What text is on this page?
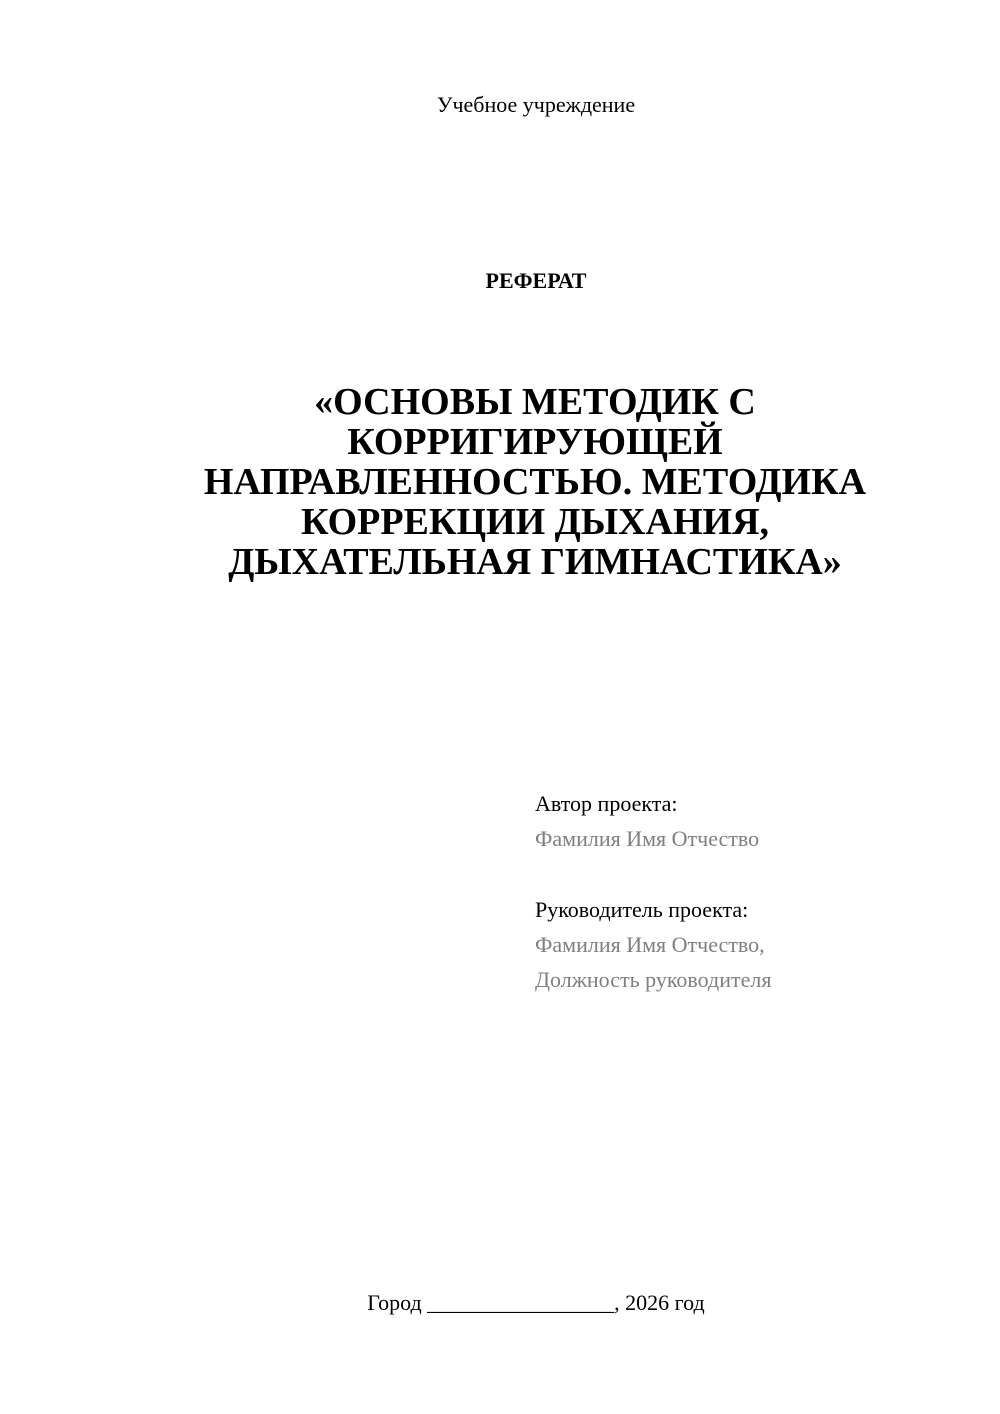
Учебное учреждение
РЕФЕРАТ
«ОСНОВЫ МЕТОДИК С
КОРРИГИРУЮЩЕЙ
НАПРАВЛЕННОСТЬЮ. МЕТОДИКА
КОРРЕКЦИИ ДЫХАНИЯ,
ДЫХАТЕЛЬНАЯ ГИМНАСТИКА»
Автор проекта:
Фамилия Имя Отчество
Руководитель проекта:
Фамилия Имя Отчество,
Должность руководителя
Город _________________, 2026 год
